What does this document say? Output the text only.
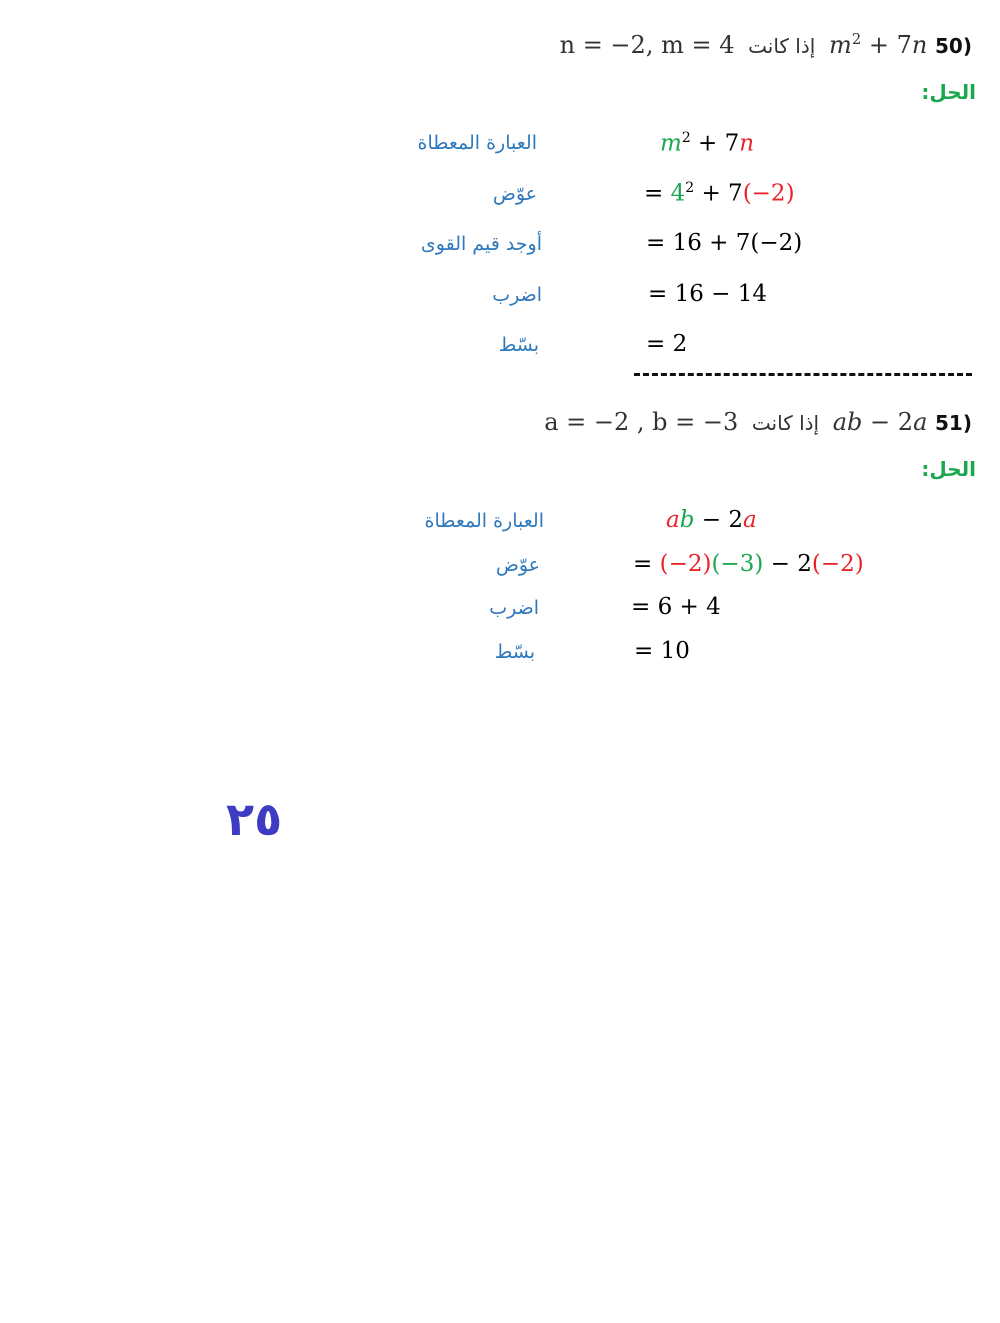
n = −2, m = 4 إذا كانت $m^2 + 7n$ 50)
الحل:
العبارة المعطاة	$m^2 + 7n$
عوّض	= $4^2 + 7(-2)$
أوجد قيم القوى	= 16 + 7(−2)
اضرب	= 16 − 14
بسّط	= 2
a = −2 , b = −3 إذا كانت ab − 2a 51)
الحل:
العبارة المعطاة	ab − 2a
عوّض	= (−2)(−3) − 2(−2)
اضرب	= 6 + 4
بسّط	= 10
٢٥
